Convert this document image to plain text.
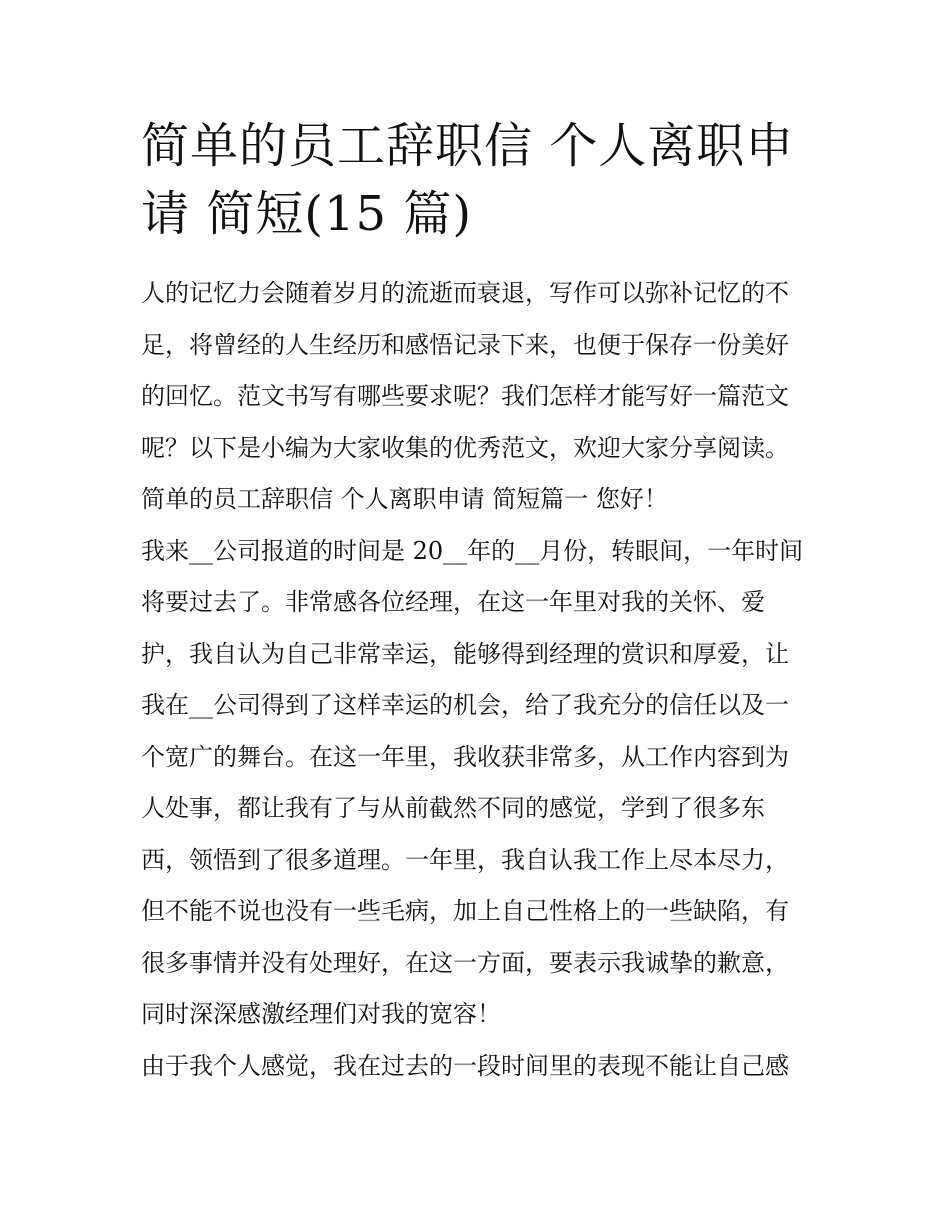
简单的员工辞职信 个人离职申
请 简短(15 篇)
人的记忆力会随着岁月的流逝而衰退，写作可以弥补记忆的不
足，将曾经的人生经历和感悟记录下来，也便于保存一份美好
的回忆。范文书写有哪些要求呢？我们怎样才能写好一篇范文
呢？以下是小编为大家收集的优秀范文，欢迎大家分享阅读。
简单的员工辞职信 个人离职申请 简短篇一 您好！
我来__公司报道的时间是 20__年的__月份，转眼间，一年时间
将要过去了。非常感各位经理，在这一年里对我的关怀、爱
护，我自认为自己非常幸运，能够得到经理的赏识和厚爱，让
我在__公司得到了这样幸运的机会，给了我充分的信任以及一
个宽广的舞台。在这一年里，我收获非常多，从工作内容到为
人处事，都让我有了与从前截然不同的感觉，学到了很多东
西，领悟到了很多道理。一年里，我自认我工作上尽本尽力，
但不能不说也没有一些毛病，加上自己性格上的一些缺陷，有
很多事情并没有处理好，在这一方面，要表示我诚挚的歉意，
同时深深感激经理们对我的宽容！
由于我个人感觉，我在过去的一段时间里的表现不能让自己感
